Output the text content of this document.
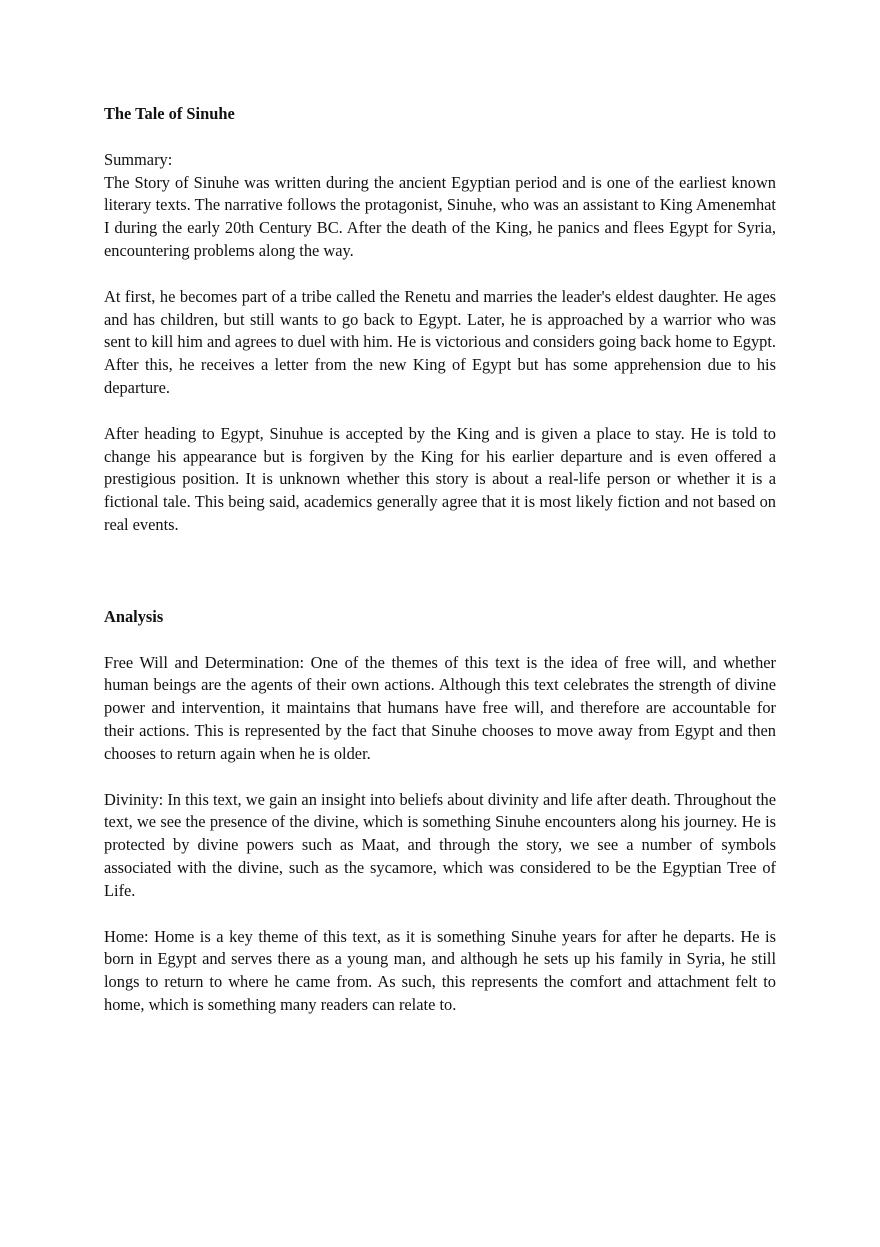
The Tale of Sinuhe
Summary:

The Story of Sinuhe was written during the ancient Egyptian period and is one of the earliest known literary texts. The narrative follows the protagonist, Sinuhe, who was an assistant to King Amenemhat I during the early 20th Century BC. After the death of the King, he panics and flees Egypt for Syria, encountering problems along the way.

At first, he becomes part of a tribe called the Renetu and marries the leader's eldest daughter. He ages and has children, but still wants to go back to Egypt. Later, he is approached by a warrior who was sent to kill him and agrees to duel with him. He is victorious and considers going back home to Egypt. After this, he receives a letter from the new King of Egypt but has some apprehension due to his departure.

After heading to Egypt, Sinuhue is accepted by the King and is given a place to stay. He is told to change his appearance but is forgiven by the King for his earlier departure and is even offered a prestigious position. It is unknown whether this story is about a real-life person or whether it is a fictional tale. This being said, academics generally agree that it is most likely fiction and not based on real events.

Analysis

Free Will and Determination: One of the themes of this text is the idea of free will, and whether human beings are the agents of their own actions. Although this text celebrates the strength of divine power and intervention, it maintains that humans have free will, and therefore are accountable for their actions. This is represented by the fact that Sinuhe chooses to move away from Egypt and then chooses to return again when he is older.

Divinity: In this text, we gain an insight into beliefs about divinity and life after death. Throughout the text, we see the presence of the divine, which is something Sinuhe encounters along his journey. He is protected by divine powers such as Maat, and through the story, we see a number of symbols associated with the divine, such as the sycamore, which was considered to be the Egyptian Tree of Life.

Home: Home is a key theme of this text, as it is something Sinuhe years for after he departs. He is born in Egypt and serves there as a young man, and although he sets up his family in Syria, he still longs to return to where he came from. As such, this represents the comfort and attachment felt to home, which is something many readers can relate to.
